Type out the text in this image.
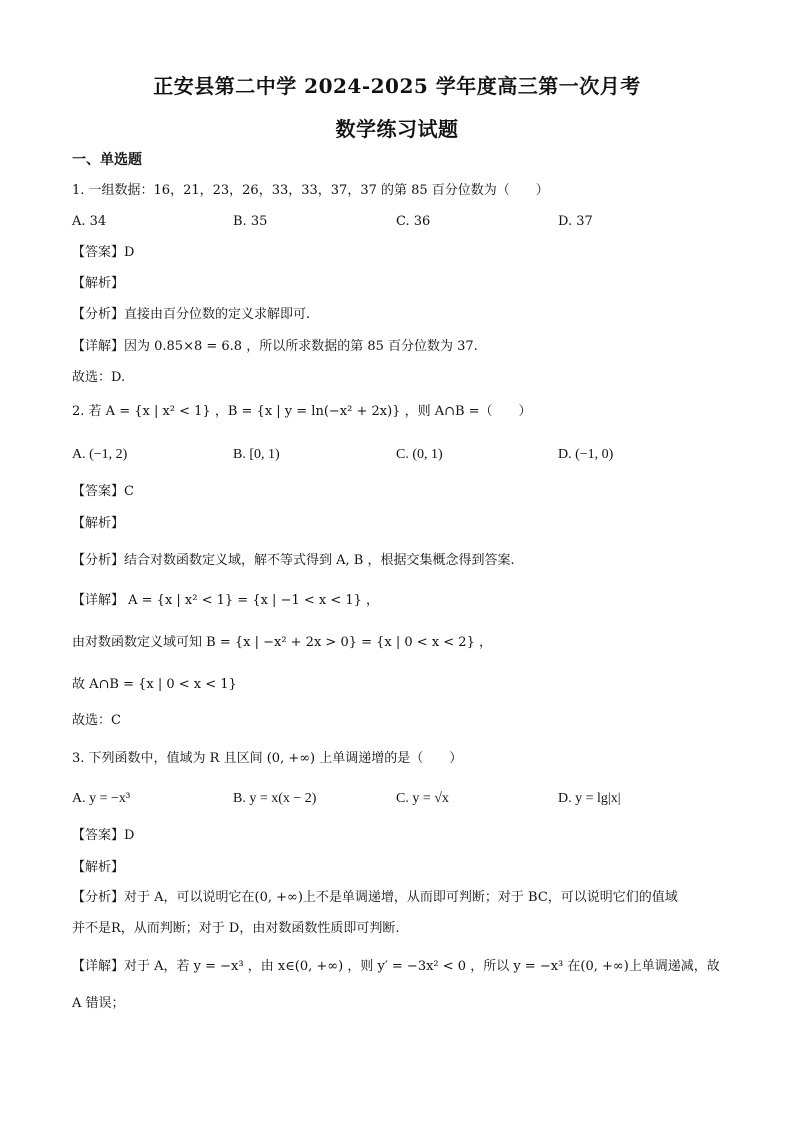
正安县第二中学 2024-2025 学年度高三第一次月考
数学练习试题
一、单选题
1. 一组数据：16，21，23，26，33，33，37，37 的第 85 百分位数为（　　）
A. 34	B. 35	C. 36	D. 37
【答案】D
【解析】
【分析】直接由百分位数的定义求解即可.
【详解】因为 0.85×8 = 6.8 ，所以所求数据的第 85 百分位数为 37.
故选：D.
2. 若 A = {x | x² < 1} ，B = {x | y = ln(−x² + 2x)} ，则 A∩B =（　　）
A. (−1, 2)	B. [0, 1)	C. (0, 1)	D. (−1, 0)
【答案】C
【解析】
【分析】结合对数函数定义域，解不等式得到 A, B ，根据交集概念得到答案.
【详解】 A = {x | x² < 1} = {x | −1 < x < 1} ，
由对数函数定义域可知 B = {x | −x² + 2x > 0} = {x | 0 < x < 2} ，
故 A∩B = {x | 0 < x < 1}
故选：C
3. 下列函数中，值域为 R 且区间 (0, +∞) 上单调递增的是（　　）
A. y = −x³	B. y = x(x − 2)	C. y = √x	D. y = lg|x|
【答案】D
【解析】
【分析】对于 A，可以说明它在(0, +∞)上不是单调递增，从而即可判断；对于 BC，可以说明它们的值域
并不是R，从而判断；对于 D，由对数函数性质即可判断.
【详解】对于 A，若 y = −x³ ，由 x∈(0, +∞) ，则 y′ = −3x² < 0 ，所以 y = −x³ 在(0, +∞)上单调递减，故
A 错误；
